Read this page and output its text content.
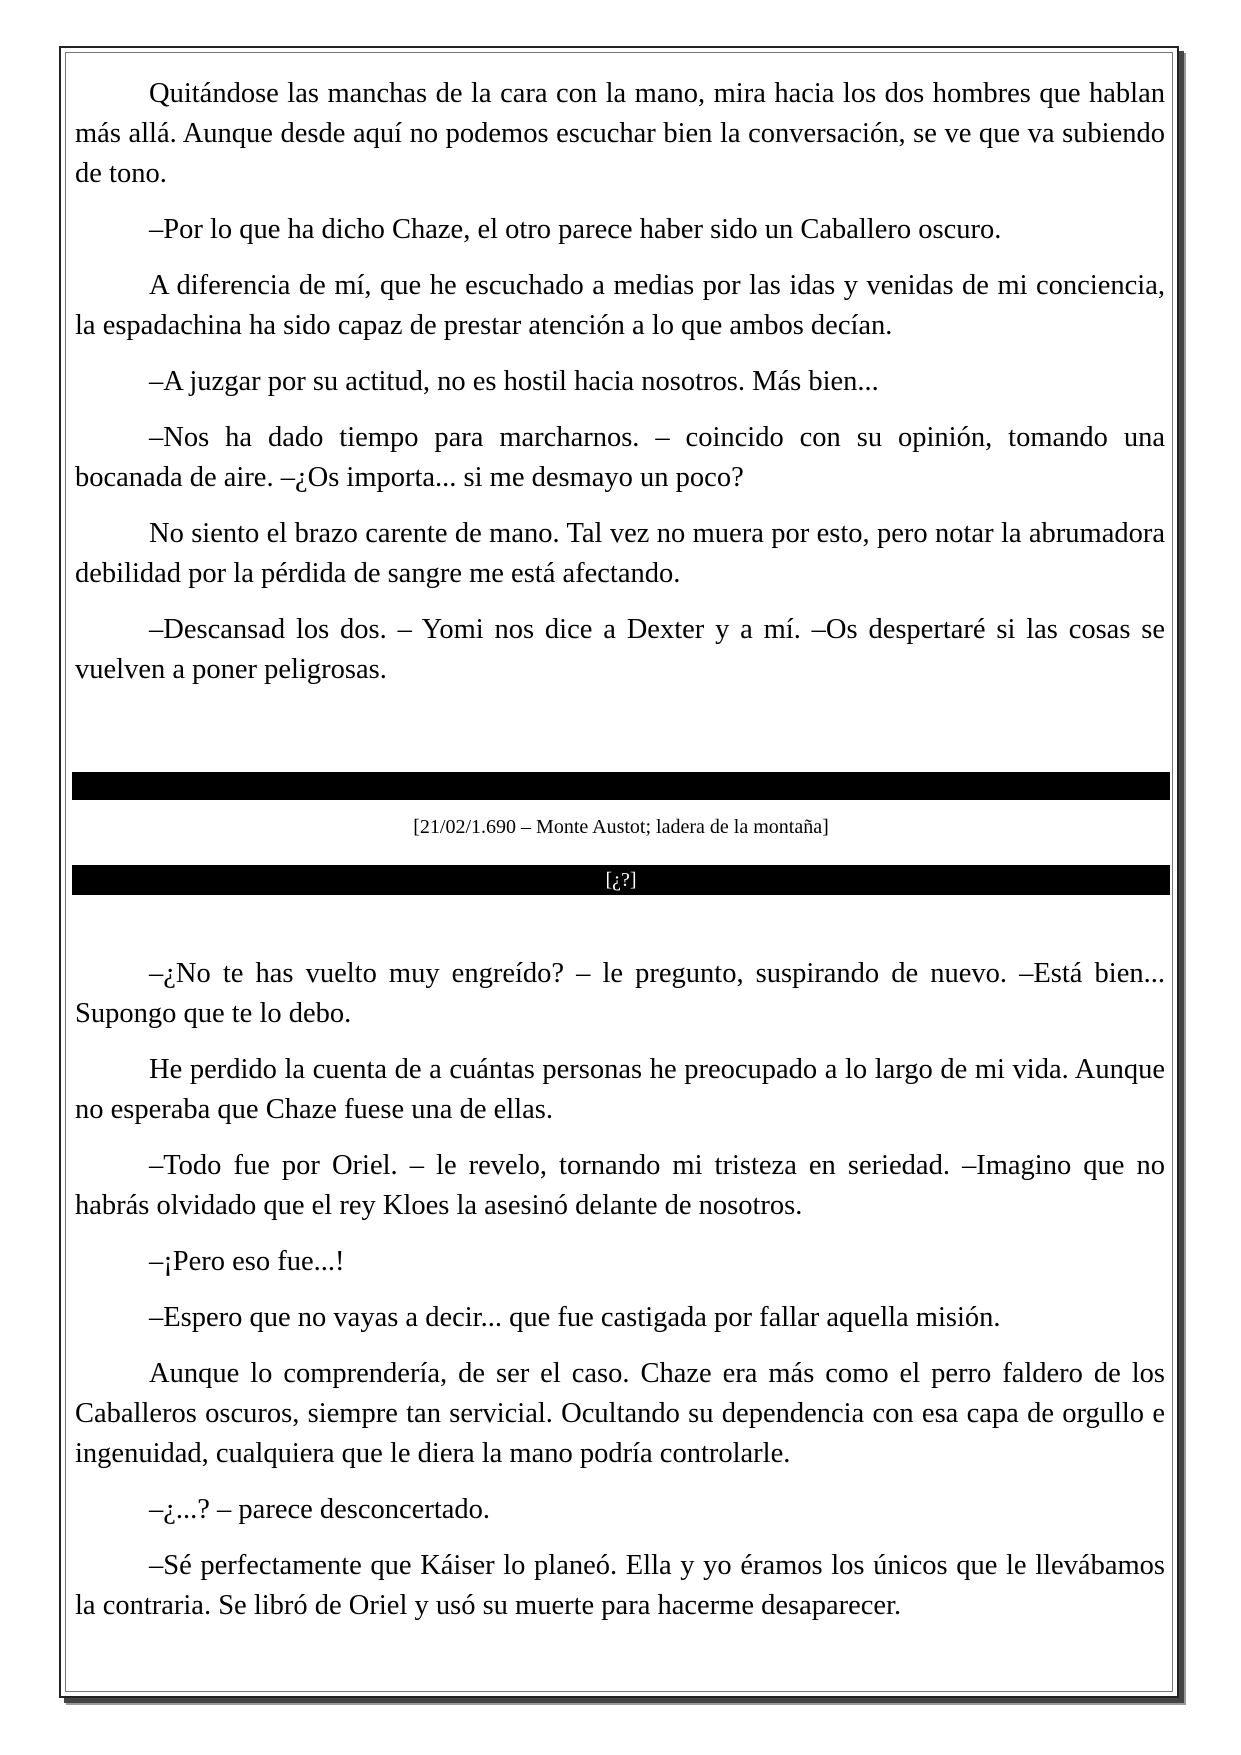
Quitándose las manchas de la cara con la mano, mira hacia los dos hombres que hablan más allá. Aunque desde aquí no podemos escuchar bien la conversación, se ve que va subiendo de tono.

–Por lo que ha dicho Chaze, el otro parece haber sido un Caballero oscuro.

A diferencia de mí, que he escuchado a medias por las idas y venidas de mi conciencia, la espadachina ha sido capaz de prestar atención a lo que ambos decían.

–A juzgar por su actitud, no es hostil hacia nosotros. Más bien...

–Nos ha dado tiempo para marcharnos. – coincido con su opinión, tomando una bocanada de aire. –¿Os importa... si me desmayo un poco?

No siento el brazo carente de mano. Tal vez no muera por esto, pero notar la abrumadora debilidad por la pérdida de sangre me está afectando.

–Descansad los dos. – Yomi nos dice a Dexter y a mí. –Os despertaré si las cosas se vuelven a poner peligrosas.

[21/02/1.690 – Monte Austot; ladera de la montaña]
[¿?]

–¿No te has vuelto muy engreído? – le pregunto, suspirando de nuevo. –Está bien... Supongo que te lo debo.

He perdido la cuenta de a cuántas personas he preocupado a lo largo de mi vida. Aunque no esperaba que Chaze fuese una de ellas.

–Todo fue por Oriel. – le revelo, tornando mi tristeza en seriedad. –Imagino que no habrás olvidado que el rey Kloes la asesinó delante de nosotros.

–¡Pero eso fue...!

–Espero que no vayas a decir... que fue castigada por fallar aquella misión.

Aunque lo comprendería, de ser el caso. Chaze era más como el perro faldero de los Caballeros oscuros, siempre tan servicial. Ocultando su dependencia con esa capa de orgullo e ingenuidad, cualquiera que le diera la mano podría controlarle.

–¿...? – parece desconcertado.

–Sé perfectamente que Káiser lo planeó. Ella y yo éramos los únicos que le llevábamos la contraria. Se libró de Oriel y usó su muerte para hacerme desaparecer.
